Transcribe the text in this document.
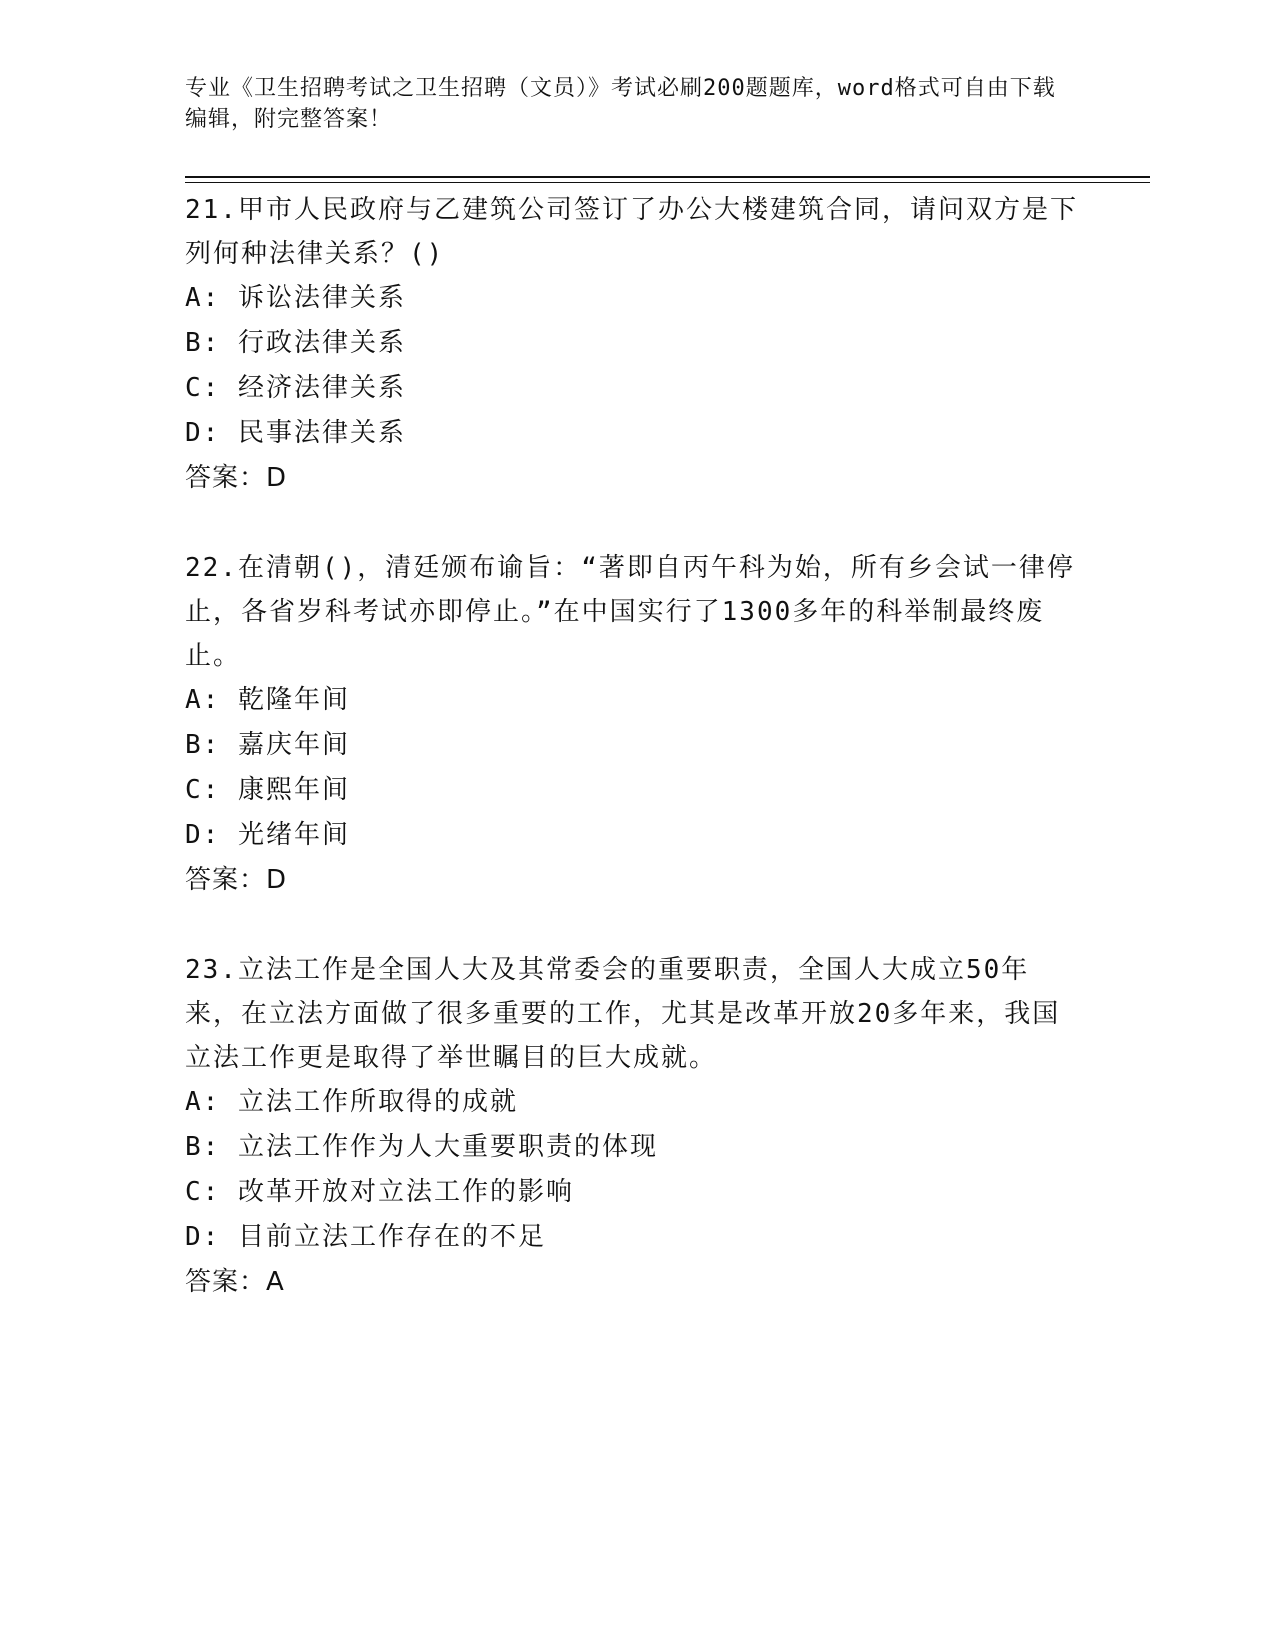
专业《卫生招聘考试之卫生招聘（文员）》考试必刷200题题库，word格式可自由下载编辑，附完整答案！

21.甲市人民政府与乙建筑公司签订了办公大楼建筑合同，请问双方是下列何种法律关系？()

A: 诉讼法律关系
B: 行政法律关系
C: 经济法律关系
D: 民事法律关系
答案：D

22.在清朝()，清廷颁布谕旨：“著即自丙午科为始，所有乡会试一律停止，各省岁科考试亦即停止。”在中国实行了1300多年的科举制最终废止。

A: 乾隆年间
B: 嘉庆年间
C: 康熙年间
D: 光绪年间
答案：D

23.立法工作是全国人大及其常委会的重要职责，全国人大成立50年来，在立法方面做了很多重要的工作，尤其是改革开放20多年来，我国立法工作更是取得了举世瞩目的巨大成就。

A: 立法工作所取得的成就
B: 立法工作作为人大重要职责的体现
C: 改革开放对立法工作的影响
D: 目前立法工作存在的不足
答案：A
